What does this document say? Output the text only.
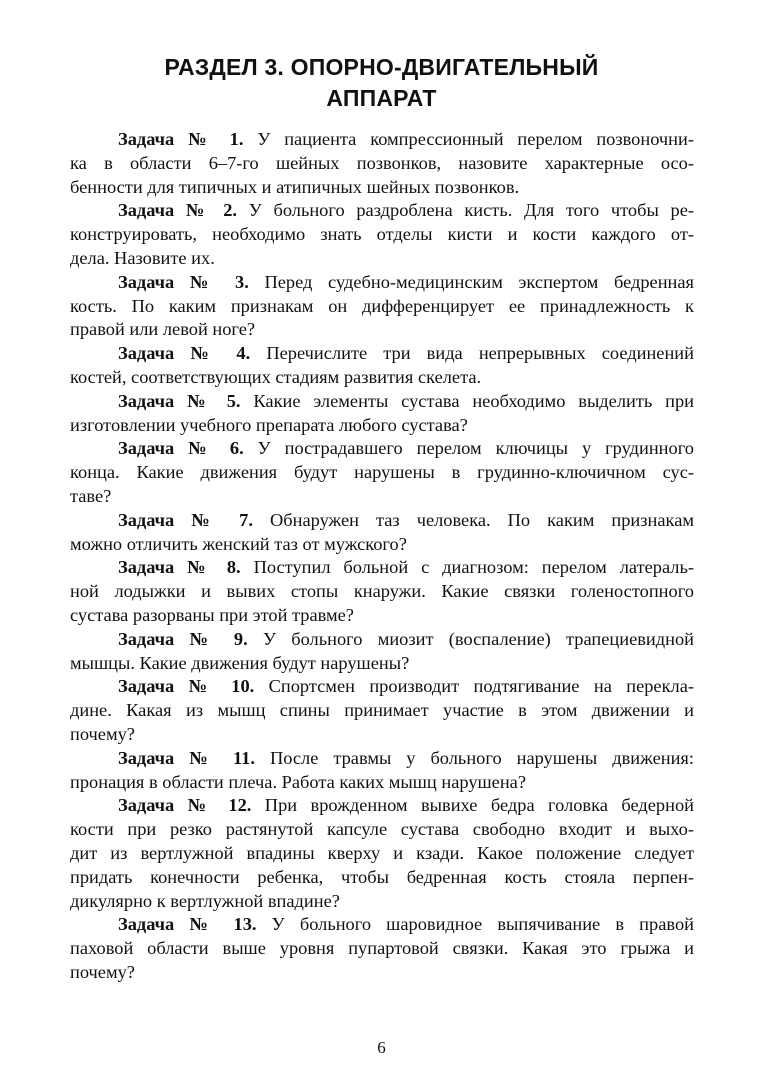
РАЗДЕЛ 3. ОПОРНО-ДВИГАТЕЛЬНЫЙ
АППАРАТ
Задача № 1. У пациента компрессионный перелом позвоночни-
ка в области 6–7-го шейных позвонков, назовите характерные осо-
бенности для типичных и атипичных шейных позвонков.
Задача № 2. У больного раздроблена кисть. Для того чтобы ре-
конструировать, необходимо знать отделы кисти и кости каждого от-
дела. Назовите их.
Задача № 3. Перед судебно-медицинским экспертом бедренная
кость. По каким признакам он дифференцирует ее принадлежность к
правой или левой ноге?
Задача № 4. Перечислите три вида непрерывных соединений
костей, соответствующих стадиям развития скелета.
Задача № 5. Какие элементы сустава необходимо выделить при
изготовлении учебного препарата любого сустава?
Задача № 6. У пострадавшего перелом ключицы у грудинного
конца. Какие движения будут нарушены в грудинно-ключичном сус-
таве?
Задача № 7. Обнаружен таз человека. По каким признакам
можно отличить женский таз от мужского?
Задача № 8. Поступил больной с диагнозом: перелом латераль-
ной лодыжки и вывих стопы кнаружи. Какие связки голеностопного
сустава разорваны при этой травме?
Задача № 9. У больного миозит (воспаление) трапециевидной
мышцы. Какие движения будут нарушены?
Задача № 10. Спортсмен производит подтягивание на перекла-
дине. Какая из мышц спины принимает участие в этом движении и
почему?
Задача № 11. После травмы у больного нарушены движения:
пронация в области плеча. Работа каких мышц нарушена?
Задача № 12. При врожденном вывихе бедра головка бедерной
кости при резко растянутой капсуле сустава свободно входит и выхо-
дит из вертлужной впадины кверху и кзади. Какое положение следует
придать конечности ребенка, чтобы бедренная кость стояла перпен-
дикулярно к вертлужной впадине?
Задача № 13. У больного шаровидное выпячивание в правой
паховой области выше уровня пупартовой связки. Какая это грыжа и
почему?
6
